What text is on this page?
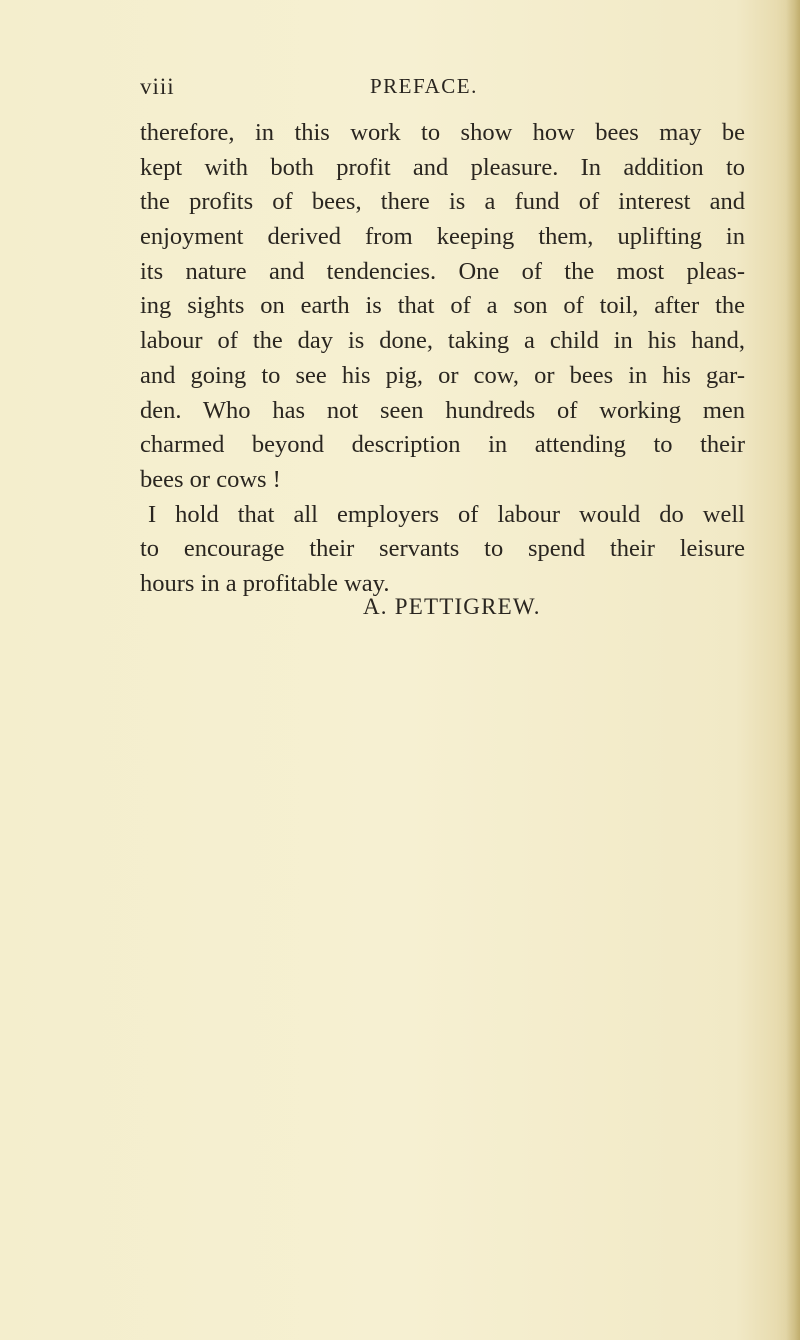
viii	PREFACE.
therefore, in this work to show how bees may be
kept with both profit and pleasure. In addition to
the profits of bees, there is a fund of interest and
enjoyment derived from keeping them, uplifting in
its nature and tendencies. One of the most pleas-
ing sights on earth is that of a son of toil, after the
labour of the day is done, taking a child in his hand,
and going to see his pig, or cow, or bees in his gar-
den. Who has not seen hundreds of working men
charmed beyond description in attending to their
bees or cows !
I hold that all employers of labour would do well
to encourage their servants to spend their leisure
hours in a profitable way.
A. PETTIGREW.
